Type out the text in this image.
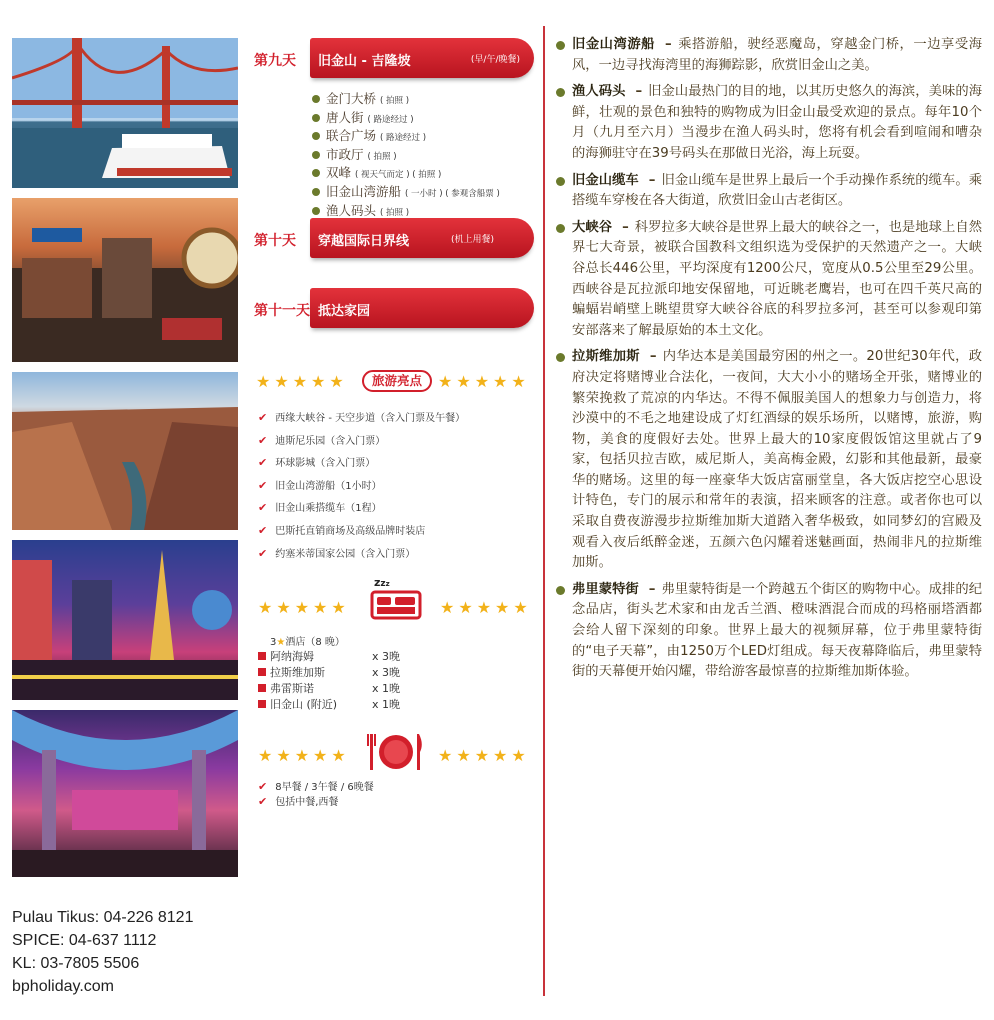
Pulau Tikus: 04-226 8121
SPICE: 04-637 1112
KL: 03-7805 5506
bpholiday.com
第九天 旧金山 - 吉隆坡	(早/午/晚餐)
金门大桥 ( 拍照 )
唐人街 ( 路途经过 )
联合广场 ( 路途经过 )
市政厅 ( 拍照 )
双峰 ( 视天气而定 ) ( 拍照 )
旧金山湾游船 ( 一小时 ) ( 参观含船票 )
渔人码头 ( 拍照 )
第十天 穿越国际日界线	(机上用餐)
第十一天 抵达家园
★★★★★	旅游亮点	★★★★★
✔ 西缘大峡谷 - 天空步道（含入门票及午餐）
✔ 迪斯尼乐园（含入门票）
✔ 环球影城（含入门票）
✔ 旧金山湾游船（1小时）
✔ 旧金山乘搭缆车（1程）
✔ 巴斯托直销商场及高级品牌时装店
✔ 约塞米蒂国家公园（含入门票）
★★★★★
zzz
★★★★★
3★酒店（8 晚）
阿纳海姆	x 3晚
拉斯维加斯	x 3晚
弗雷斯诺	x 1晚
旧金山 (附近)	x 1晚
★★★★★	★★★★★
✔ 8早餐 / 3午餐 / 6晚餐
✔ 包括中餐,西餐
旧金山湾游船 – 乘搭游船，驶经恶魔岛，穿越金门桥，一边享受海风，一边寻找海湾里的海狮踪影，欣赏旧金山之美。
渔人码头 – 旧金山最热门的目的地，以其历史悠久的海滨，美味的海鲜，壮观的景色和独特的购物成为旧金山最受欢迎的景点。每年10个月（九月至六月）当漫步在渔人码头时，您将有机会看到喧闹和嘈杂的海狮驻守在39号码头在那做日光浴，海上玩耍。
旧金山缆车 – 旧金山缆车是世界上最后一个手动操作系统的缆车。乘搭缆车穿梭在各大街道，欣赏旧金山古老街区。
大峡谷 – 科罗拉多大峡谷是世界上最大的峡谷之一，也是地球上自然界七大奇景，被联合国教科文组织选为受保护的天然遗产之一。大峡谷总长446公里，平均深度有1200公尺，宽度从0.5公里至29公里。西峡谷是瓦拉派印地安保留地，可近眺老鹰岩，也可在四千英尺高的蝙蝠岩峭壁上眺望贯穿大峡谷谷底的科罗拉多河，甚至可以参观印第安部落来了解最原始的本土文化。
拉斯维加斯 – 内华达本是美国最穷困的州之一。20世纪30年代，政府决定将赌博业合法化，一夜间，大大小小的赌场全开张，赌博业的繁荣挽救了荒凉的内华达。不得不佩服美国人的想象力与创造力，将沙漠中的不毛之地建设成了灯红酒绿的娱乐场所，以赌博，旅游，购物，美食的度假好去处。世界上最大的10家度假饭馆这里就占了9家，包括贝拉吉欧，威尼斯人，美高梅金殿，幻影和其他最新，最豪华的赌场。这里的每一座豪华大饭店富丽堂皇，各大饭店挖空心思设计特色，专门的展示和常年的表演，招来顾客的注意。或者你也可以采取自费夜游漫步拉斯维加斯大道踏入奢华极致，如同梦幻的宫殿及观看入夜后纸醉金迷，五颜六色闪耀着迷魅画面，热闹非凡的拉斯维加斯。
弗里蒙特街 – 弗里蒙特街是一个跨越五个街区的购物中心。成排的纪念品店，街头艺术家和由龙舌兰酒、橙味酒混合而成的玛格丽塔酒都会给人留下深刻的印象。世界上最大的视频屏幕，位于弗里蒙特街的“电子天幕”，由1250万个LED灯组成。每天夜幕降临后，弗里蒙特街的天幕便开始闪耀，带给游客最惊喜的拉斯维加斯体验。
